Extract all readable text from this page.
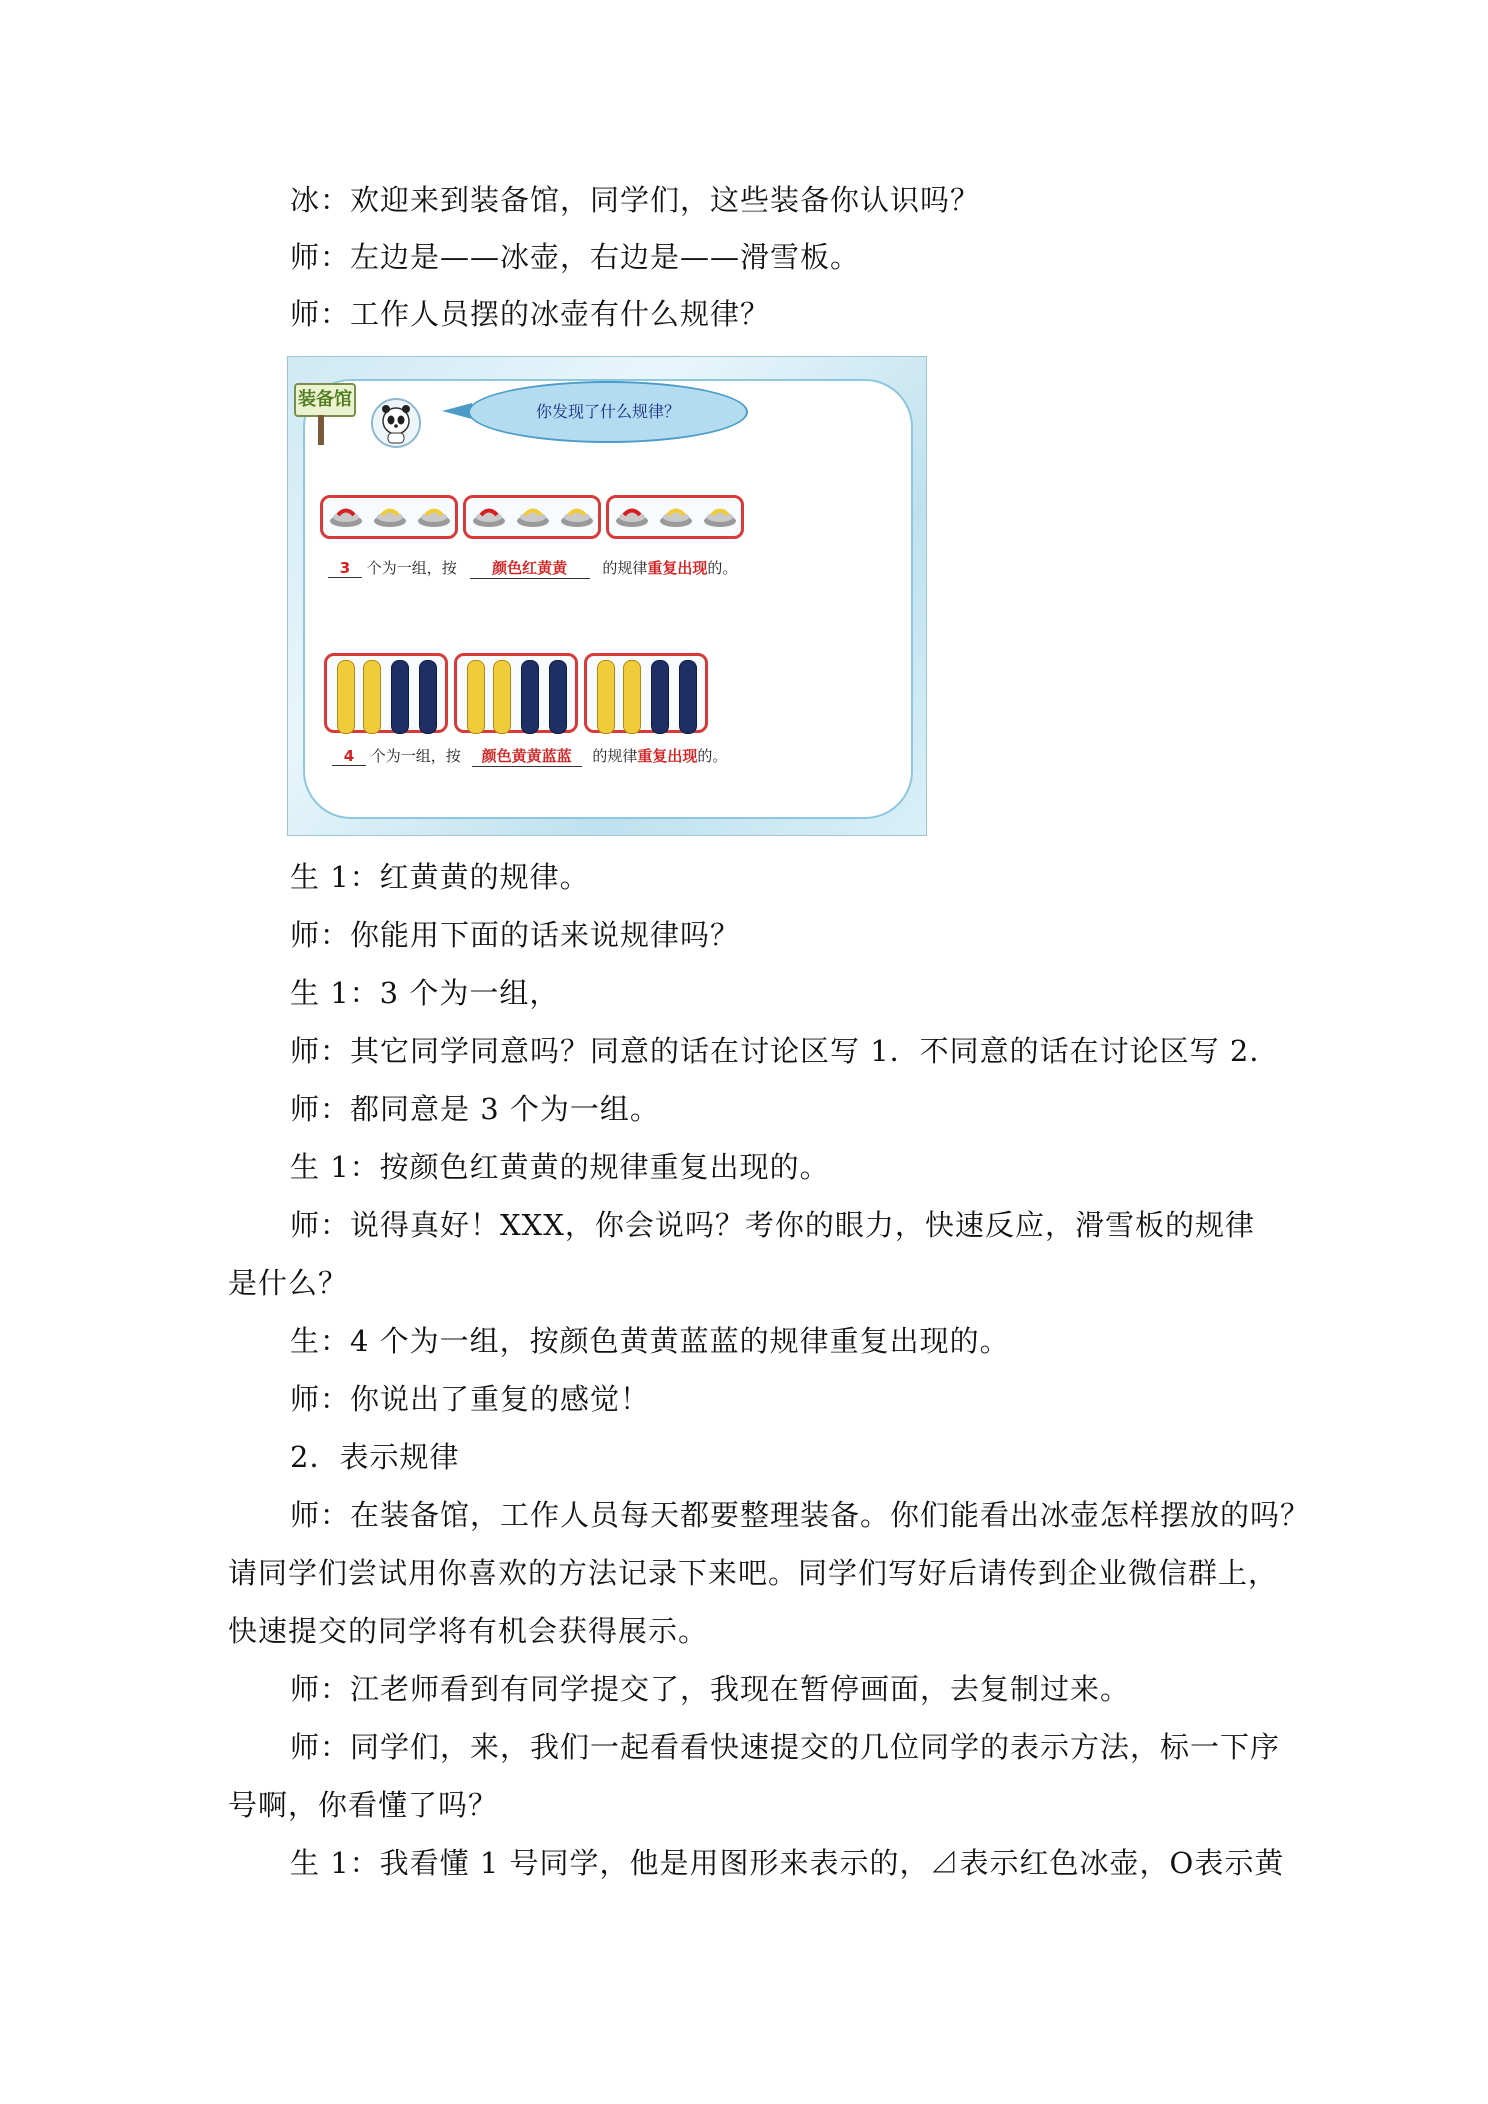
冰：欢迎来到装备馆，同学们，这些装备你认识吗？
师：左边是——冰壶，右边是——滑雪板。
师：工作人员摆的冰壶有什么规律？
装备馆
你发现了什么规律？
3 个为一组，按 颜色红黄黄 的规律重复出现的。
4 个为一组，按 颜色黄黄蓝蓝 的规律重复出现的。
生 1：红黄黄的规律。
师：你能用下面的话来说规律吗？
生 1：3 个为一组，
师：其它同学同意吗？同意的话在讨论区写 1．不同意的话在讨论区写 2．
师：都同意是 3 个为一组。
生 1：按颜色红黄黄的规律重复出现的。
师：说得真好！XXX，你会说吗？考你的眼力，快速反应，滑雪板的规律
是什么？
生：4 个为一组，按颜色黄黄蓝蓝的规律重复出现的。
师：你说出了重复的感觉！
2．表示规律
师：在装备馆，工作人员每天都要整理装备。你们能看出冰壶怎样摆放的吗？
请同学们尝试用你喜欢的方法记录下来吧。同学们写好后请传到企业微信群上，
快速提交的同学将有机会获得展示。
师：江老师看到有同学提交了，我现在暂停画面，去复制过来。
师：同学们，来，我们一起看看快速提交的几位同学的表示方法，标一下序
号啊，你看懂了吗？
生 1：我看懂 1 号同学，他是用图形来表示的，⊿表示红色冰壶，O表示黄
